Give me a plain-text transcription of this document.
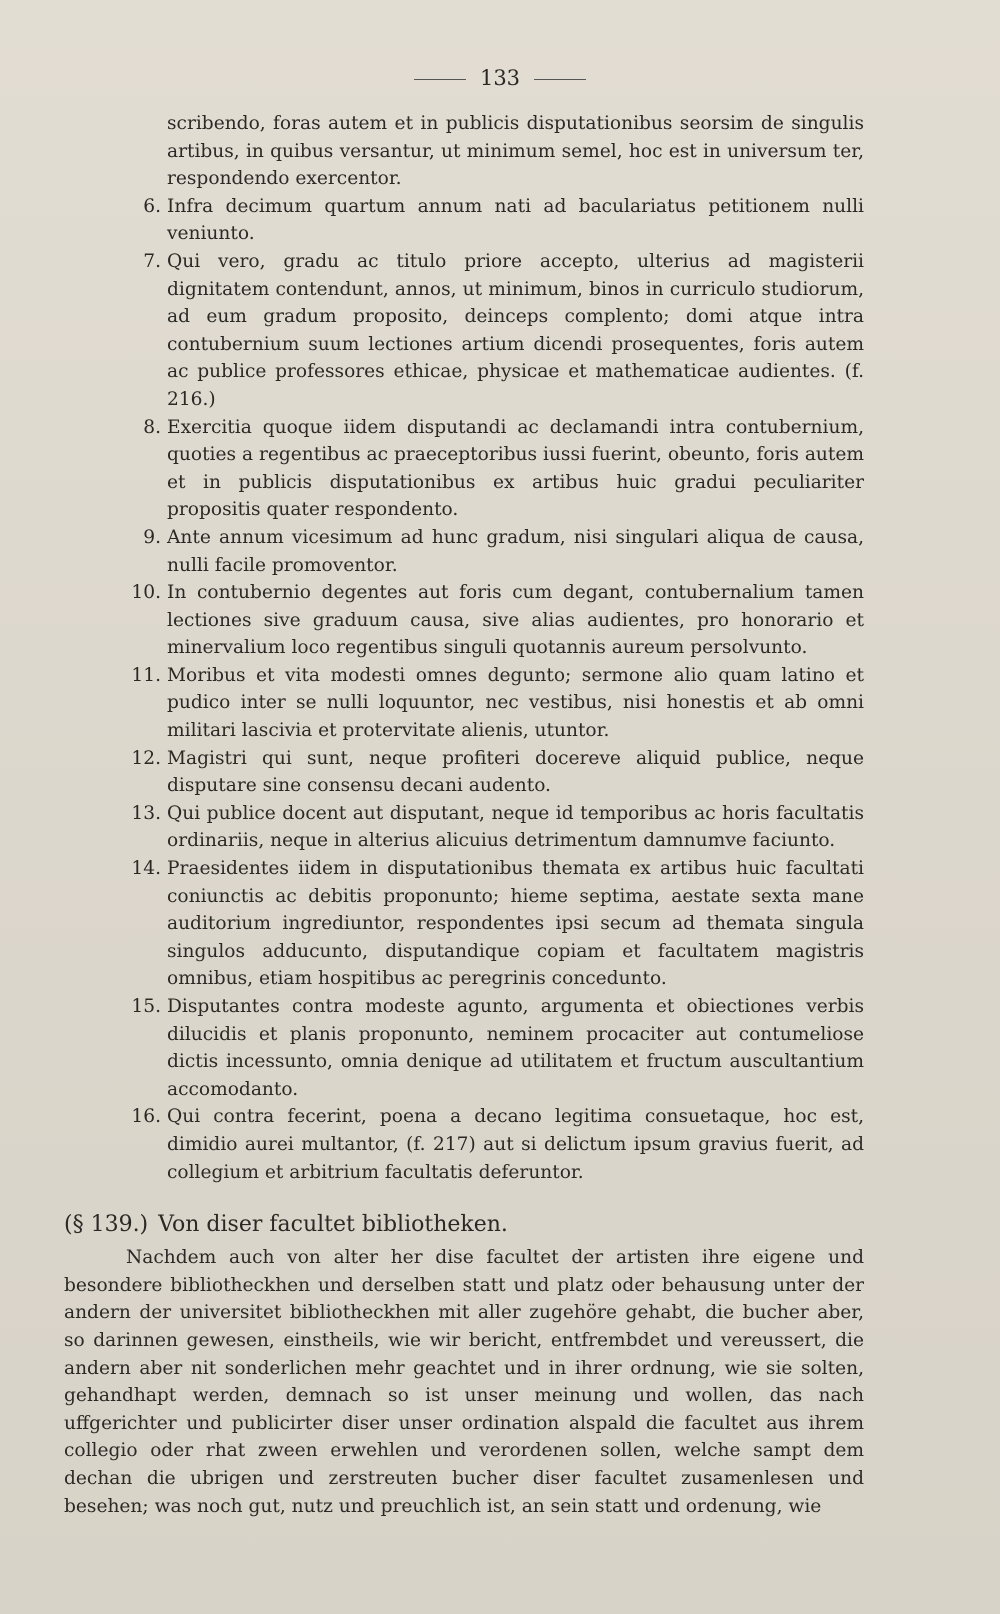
133
scribendo, foras autem et in publicis disputationibus seorsim de singulis artibus, in quibus versantur, ut minimum semel, hoc est in universum ter, respondendo exercentor.
6. Infra decimum quartum annum nati ad baculariatus petitionem nulli veniunto.
7. Qui vero, gradu ac titulo priore accepto, ulterius ad magisterii dignitatem contendunt, annos, ut minimum, binos in curriculo studiorum, ad eum gradum proposito, deinceps complento; domi atque intra contubernium suum lectiones artium dicendi prosequentes, foris autem ac publice professores ethicae, physicae et mathematicae audientes. (f. 216.)
8. Exercitia quoque iidem disputandi ac declamandi intra contubernium, quoties a regentibus ac praeceptoribus iussi fuerint, obeunto, foris autem et in publicis disputationibus ex artibus huic gradui peculiariter propositis quater respondento.
9. Ante annum vicesimum ad hunc gradum, nisi singulari aliqua de causa, nulli facile promoventor.
10. In contubernio degentes aut foris cum degant, contubernalium tamen lectiones sive graduum causa, sive alias audientes, pro honorario et minervalium loco regentibus singuli quotannis aureum persolvunto.
11. Moribus et vita modesti omnes degunto; sermone alio quam latino et pudico inter se nulli loquuntor, nec vestibus, nisi honestis et ab omni militari lascivia et protervitate alienis, utuntor.
12. Magistri qui sunt, neque profiteri docereve aliquid publice, neque disputare sine consensu decani audento.
13. Qui publice docent aut disputant, neque id temporibus ac horis facultatis ordinariis, neque in alterius alicuius detrimentum damnumve faciunto.
14. Praesidentes iidem in disputationibus themata ex artibus huic facultati coniunctis ac debitis proponunto; hieme septima, aestate sexta mane auditorium ingrediuntor, respondentes ipsi secum ad themata singula singulos adducunto, disputandique copiam et facultatem magistris omnibus, etiam hospitibus ac peregrinis concedunto.
15. Disputantes contra modeste agunto, argumenta et obiectiones verbis dilucidis et planis proponunto, neminem procaciter aut contumeliose dictis incessunto, omnia denique ad utilitatem et fructum auscultantium accomodanto.
16. Qui contra fecerint, poena a decano legitima consuetaque, hoc est, dimidio aurei multantor, (f. 217) aut si delictum ipsum gravius fuerit, ad collegium et arbitrium facultatis deferuntor.
(§ 139.) Von diser facultet bibliotheken.
Nachdem auch von alter her dise facultet der artisten ihre eigene und besondere bibliotheckhen und derselben statt und platz oder behausung unter der andern der universitet bibliotheckhen mit aller zugehöre gehabt, die bucher aber, so darinnen gewesen, einstheils, wie wir bericht, entfrembdet und vereussert, die andern aber nit sonderlichen mehr geachtet und in ihrer ordnung, wie sie solten, gehandhapt werden, demnach so ist unser meinung und wollen, das nach uffgerichter und publicirter diser unser ordination alspald die facultet aus ihrem collegio oder rhat zween erwehlen und verordenen sollen, welche sampt dem dechan die ubrigen und zerstreuten bucher diser facultet zusamenlesen und besehen; was noch gut, nutz und preuchlich ist, an sein statt und ordenung, wie
